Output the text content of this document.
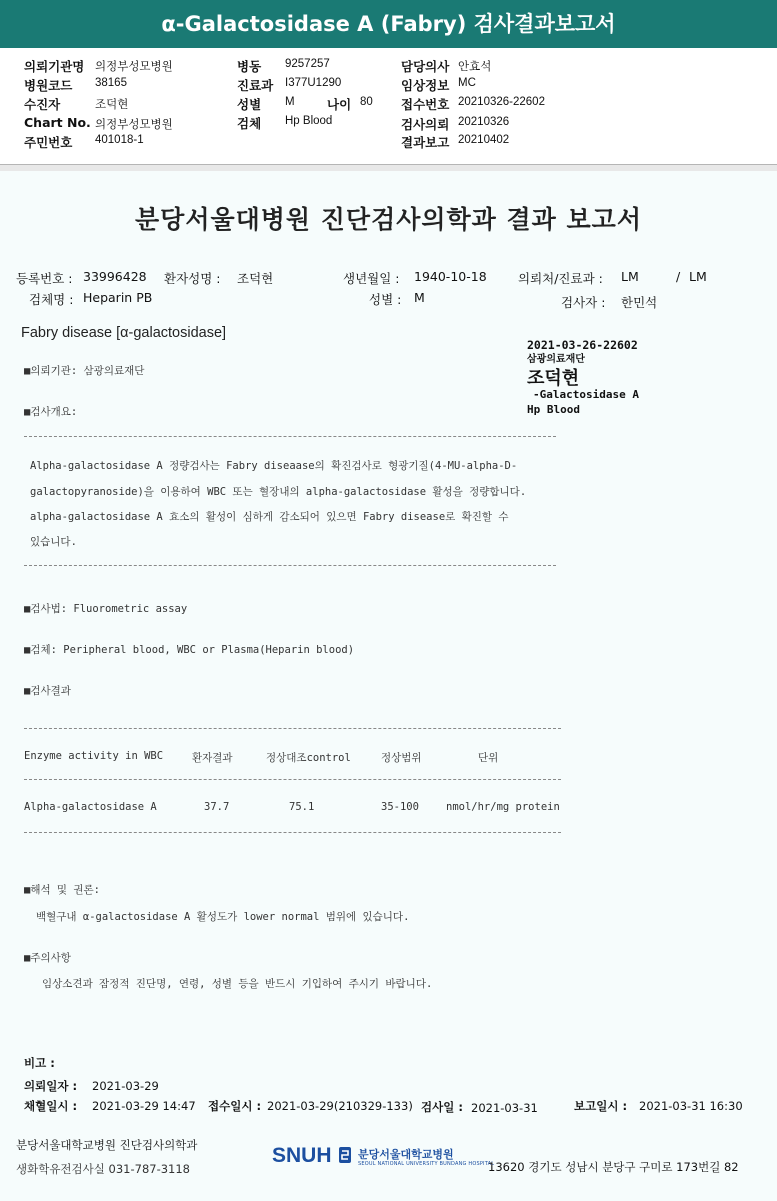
α-Galactosidase A (Fabry) 검사결과보고서
의뢰기관명 의정부성모병원
병원코드 38165
수진자	조덕현
Chart No. 의정부성모병원
주민번호 401018-1
병동 9257257
진료과 I377U1290
성별 M	나이 80
검체 Hp Blood
담당의사 안효석
임상정보 MC
접수번호 20210326-22602
검사의뢰 20210326
결과보고 20210402
분당서울대병원 진단검사의학과 결과 보고서
등록번호 : 33996428 환자성명 : 조덕현	생년월일 : 1940-10-18	의뢰처/진료과 : LM	/ LM
검체명 : Heparin PB	성별 : M	검사자 : 한민석
Fabry disease [α-galactosidase]
2021-03-26-22602
삼광의료재단
조덕현
-Galactosidase A
Hp Blood
■의뢰기관: 삼광의료재단
■검사개요:
Alpha-galactosidase A 정량검사는 Fabry diseaase의 확진검사로 형광기질(4-MU-alpha-D-
galactopyranoside)을 이용하여 WBC 또는 혈장내의 alpha-galactosidase 활성을 정량합니다.
alpha-galactosidase A 효소의 활성이 심하게 감소되어 있으면 Fabry disease로 확진할 수
있습니다.
■검사법: Fluorometric assay
■검체: Peripheral blood, WBC or Plasma(Heparin blood)
■검사결과
Enzyme activity in WBC	환자결과	정상대조control	정상범위	단위
Alpha-galactosidase A	37.7	75.1	35-100	nmol/hr/mg protein
■해석 및 권론:
백혈구내 α-galactosidase A 활성도가 lower normal 범위에 있습니다.
■주의사항
임상소견과 잠정적 진단명, 연령, 성별 등을 반드시 기입하여 주시기 바랍니다.
비고 :
의뢰일자 : 2021-03-29
채혈일시 : 2021-03-29 14:47 접수일시 : 2021-03-29(210329-133) 검사일 : 2021-03-31	보고일시 : 2021-03-31 16:30
분당서울대학교병원 진단검사의학과
생화학유전검사실 031-787-3118
SNUH 분당서울대학교병원
SEOUL NATIONAL UNIVERSITY BUNDANG HOSPITAL
13620 경기도 성남시 분당구 구미로 173번길 82
